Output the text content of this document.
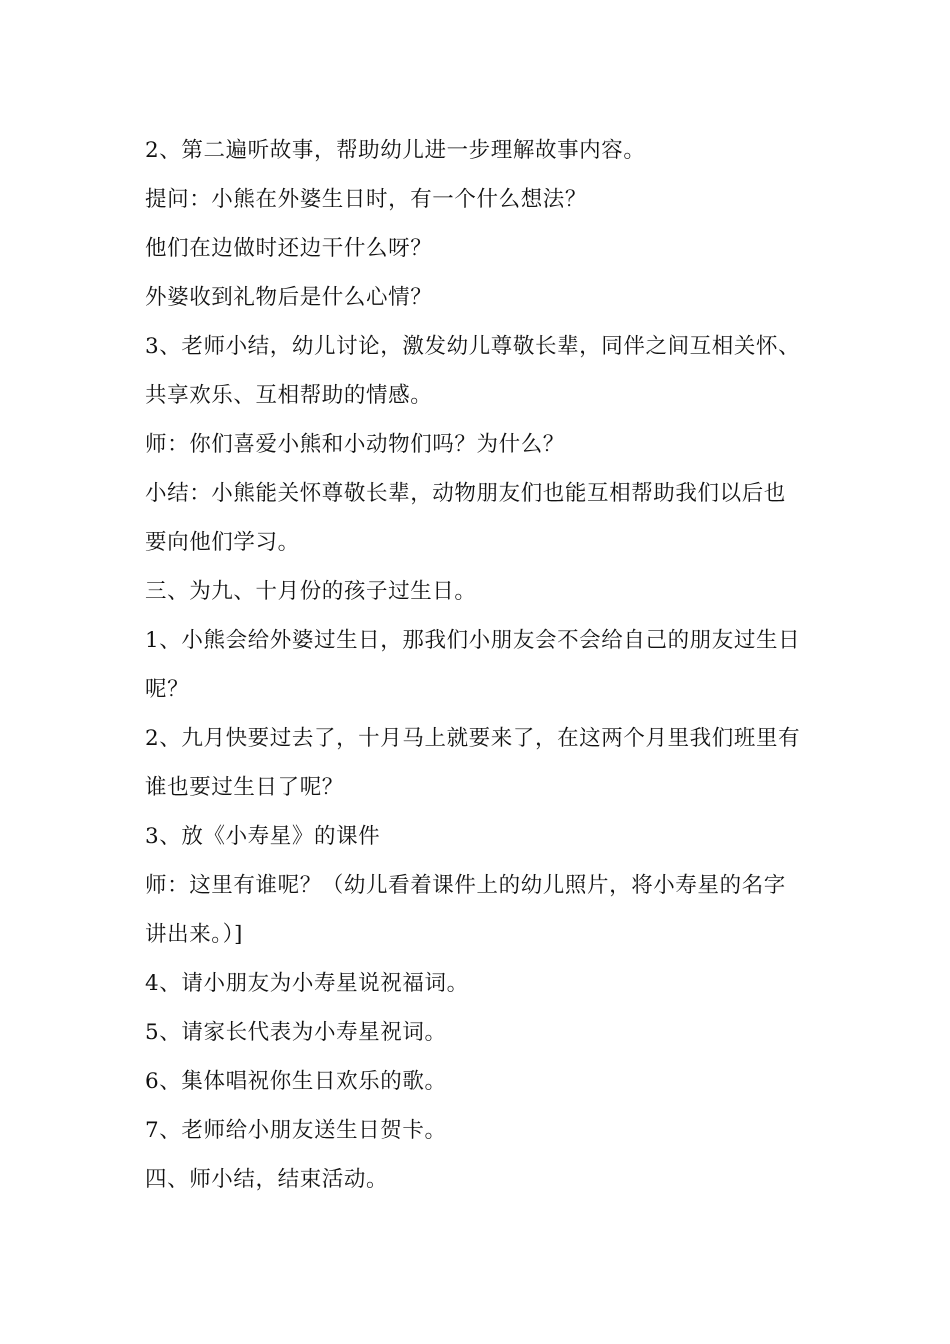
2、第二遍听故事，帮助幼儿进一步理解故事内容。
提问：小熊在外婆生日时，有一个什么想法？
他们在边做时还边干什么呀？
外婆收到礼物后是什么心情？
3、老师小结，幼儿讨论，激发幼儿尊敬长辈，同伴之间互相关怀、
共享欢乐、互相帮助的情感。
师：你们喜爱小熊和小动物们吗？为什么？
小结：小熊能关怀尊敬长辈，动物朋友们也能互相帮助我们以后也
要向他们学习。
三、为九、十月份的孩子过生日。
1、小熊会给外婆过生日，那我们小朋友会不会给自己的朋友过生日
呢？
2、九月快要过去了，十月马上就要来了，在这两个月里我们班里有
谁也要过生日了呢？
3、放《小寿星》的课件
师：这里有谁呢？（幼儿看着课件上的幼儿照片，将小寿星的名字
讲出来。）]
4、请小朋友为小寿星说祝福词。
5、请家长代表为小寿星祝词。
6、集体唱祝你生日欢乐的歌。
7、老师给小朋友送生日贺卡。
四、师小结，结束活动。
